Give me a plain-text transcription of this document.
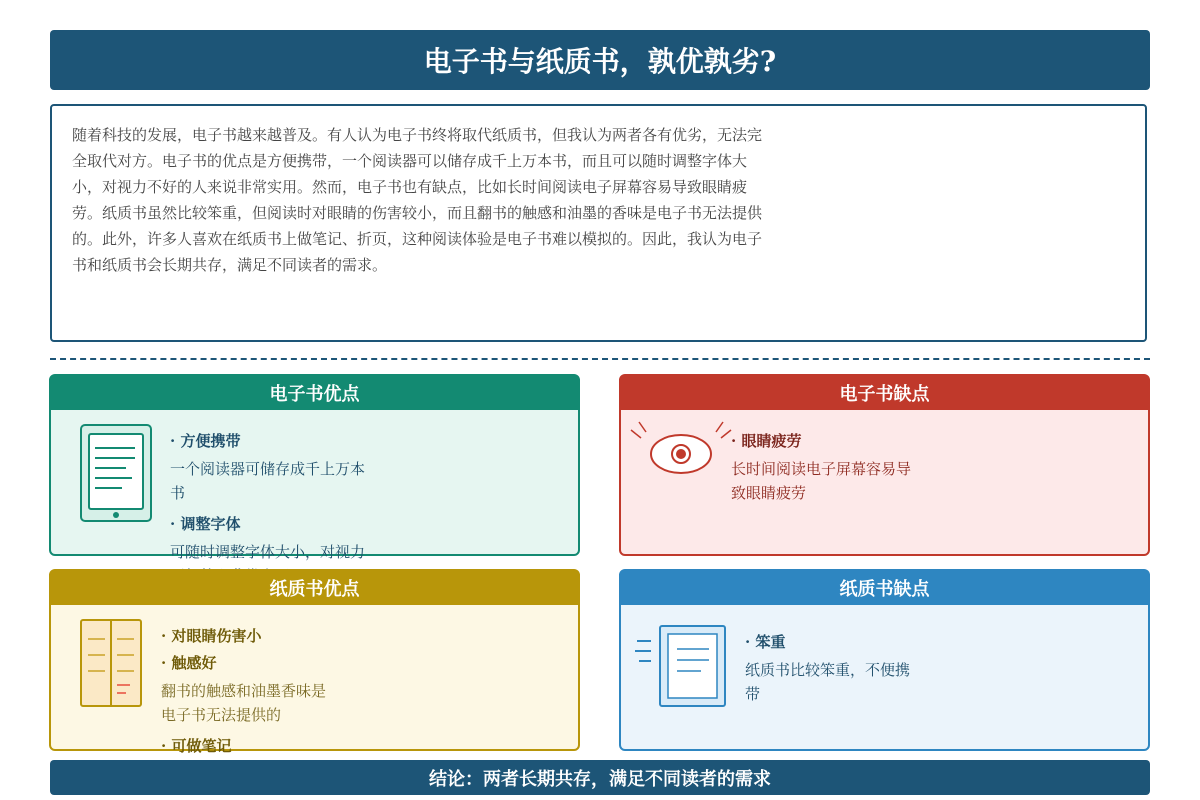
电子书与纸质书，孰优孰劣?

随着科技的发展，电子书越来越普及。有人认为电子书终将取代纸质书，但我认为两者各有优劣，无法完全取代对方。电子书的优点是方便携带，一个阅读器可以储存成千上万本书，而且可以随时调整字体大小，对视力不好的人来说非常实用。然而，电子书也有缺点，比如长时间阅读电子屏幕容易导致眼睛疲劳。纸质书虽然比较笨重，但阅读时对眼睛的伤害较小，而且翻书的触感和油墨的香味是电子书无法提供的。此外，许多人喜欢在纸质书上做笔记、折页，这种阅读体验是电子书难以模拟的。因此，我认为电子书和纸质书会长期共存，满足不同读者的需求。

电子书优点
· 方便携带
一个阅读器可储存成千上万本书
· 调整字体
可随时调整字体大小，对视力
电子书缺点
· 眼睛疲劳
长时间阅读电子屏幕容易导致眼睛疲劳
纸质书优点
· 对眼睛伤害小
· 触感好
翻书的触感和油墨香味是电子书无法提供的
· 可做笔记
纸质书缺点
· 笨重
纸质书比较笨重，不便携带
结论：两者长期共存，满足不同读者的需求
